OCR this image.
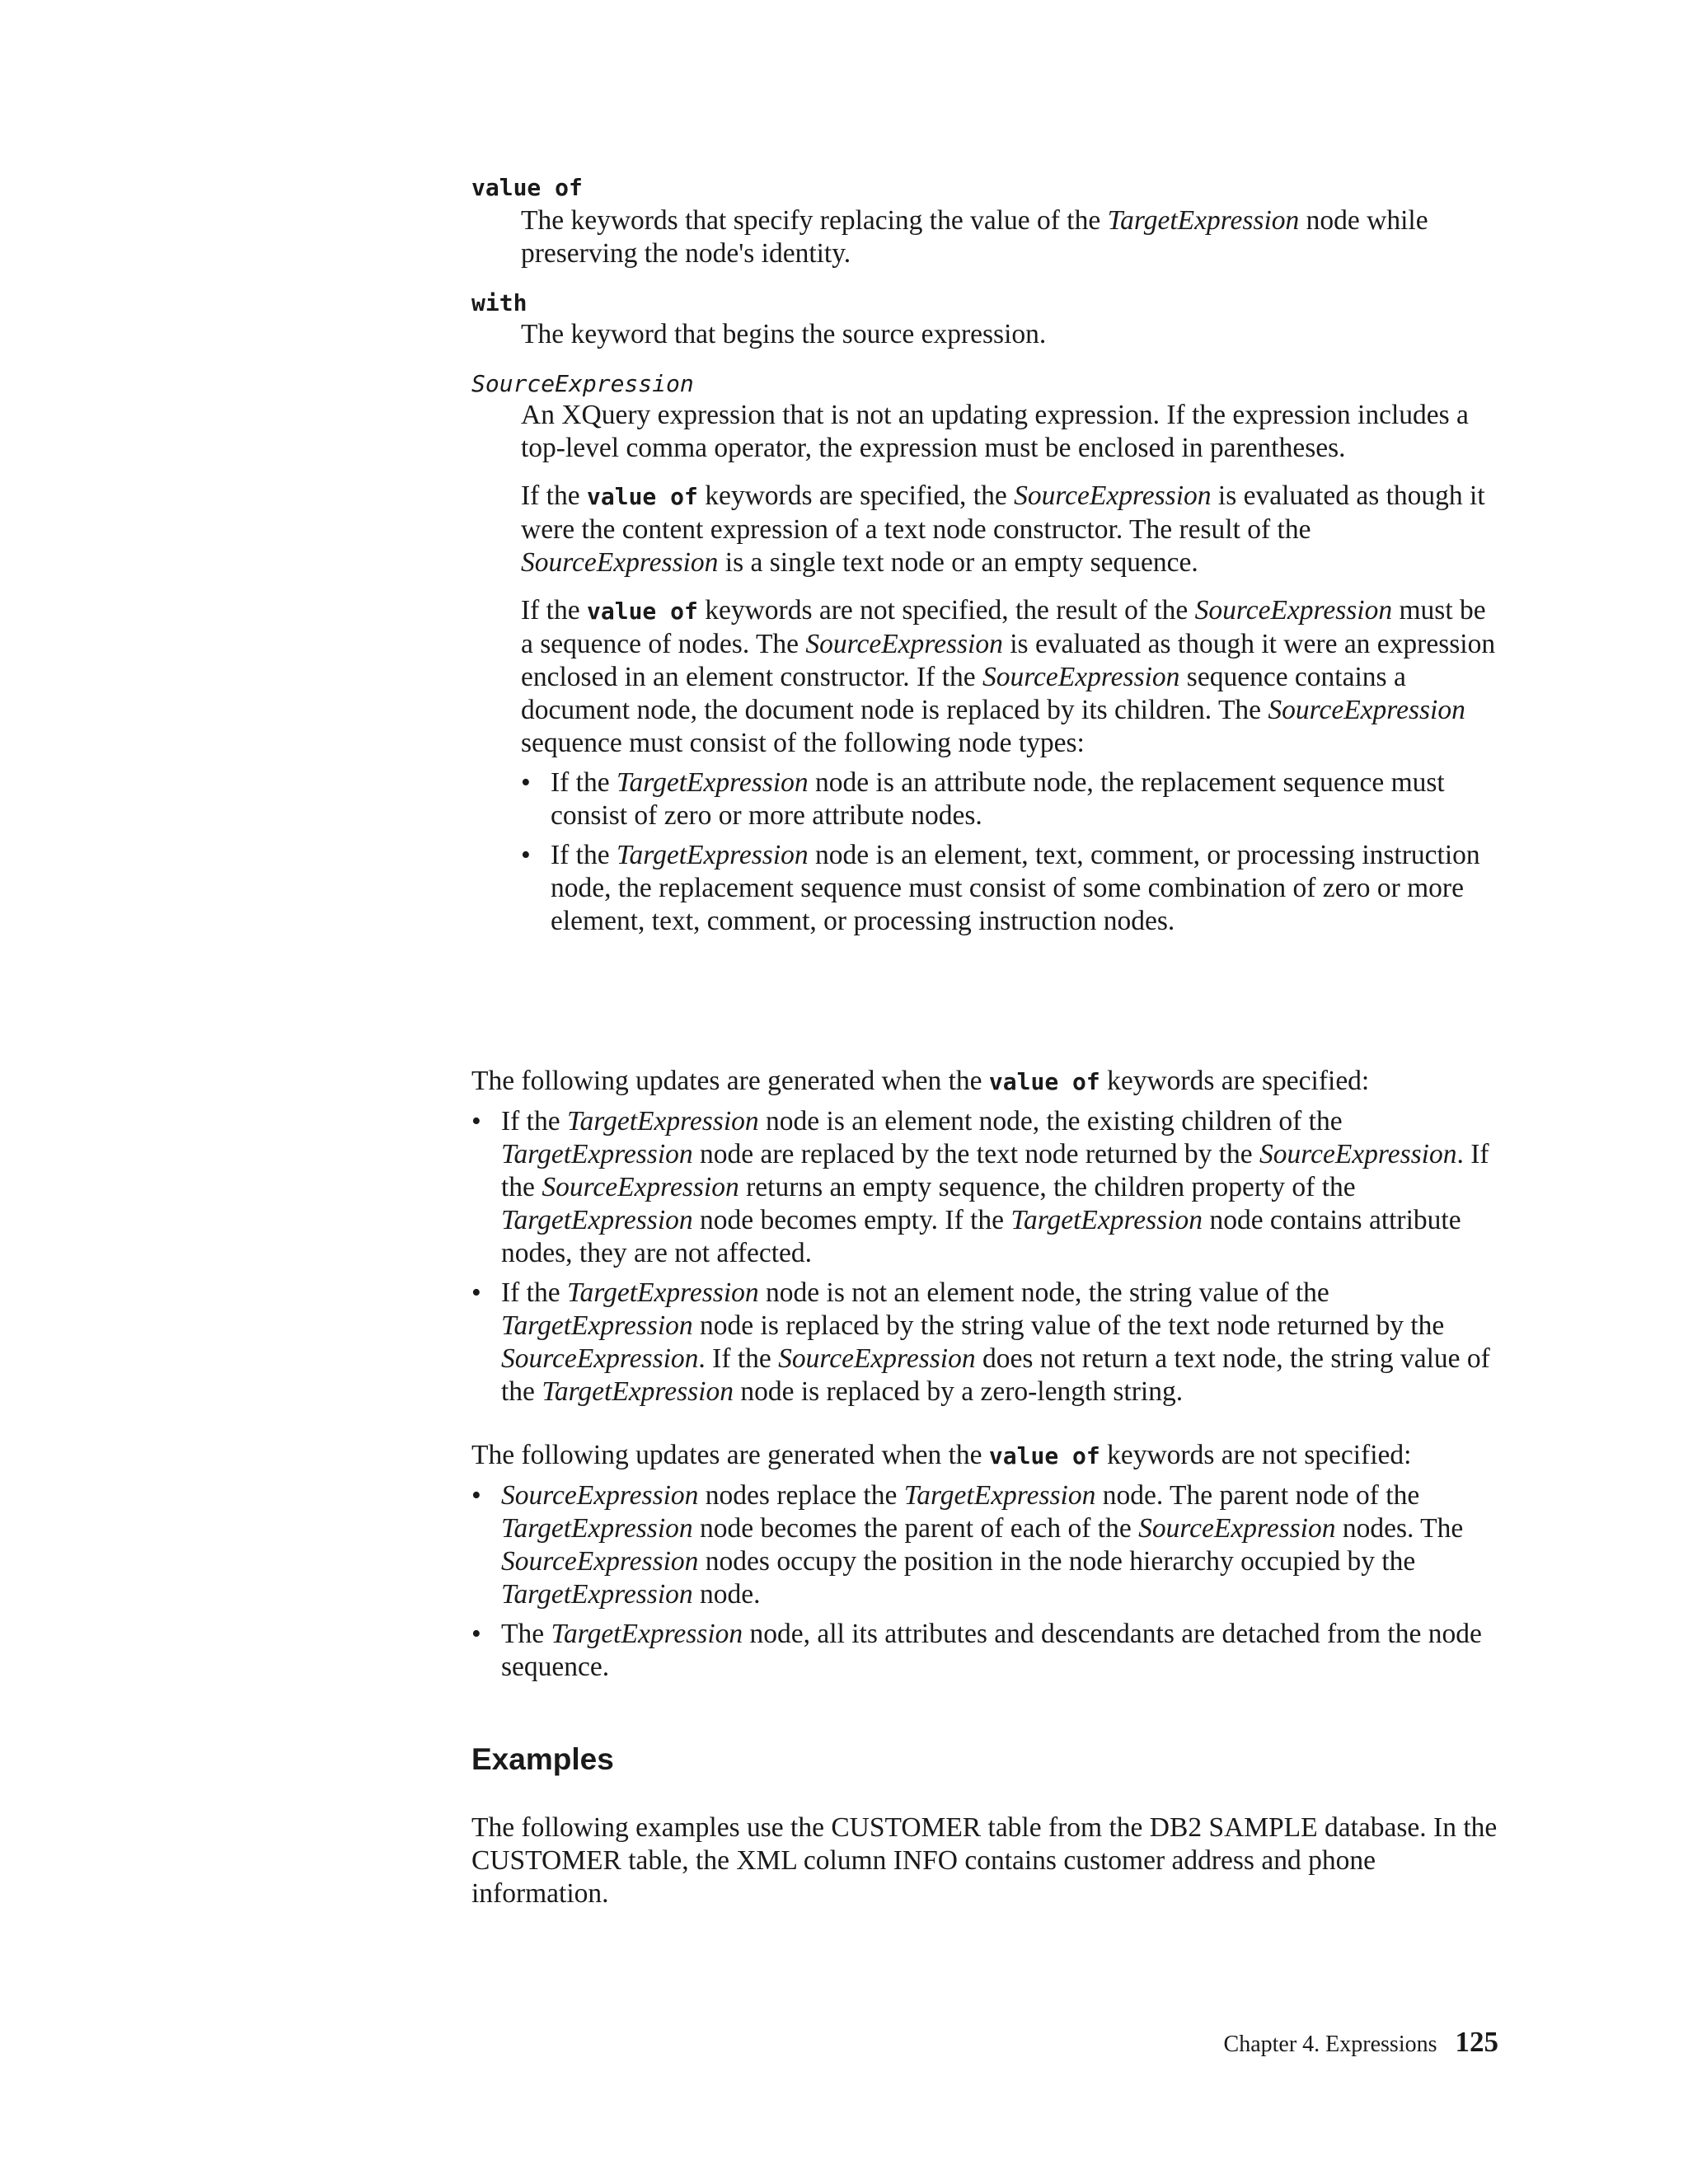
value of

The keywords that specify replacing the value of the TargetExpression node while preserving the node's identity.

with

The keyword that begins the source expression.

SourceExpression

An XQuery expression that is not an updating expression. If the expression includes a top-level comma operator, the expression must be enclosed in parentheses.

If the value of keywords are specified, the SourceExpression is evaluated as though it were the content expression of a text node constructor. The result of the SourceExpression is a single text node or an empty sequence.

If the value of keywords are not specified, the result of the SourceExpression must be a sequence of nodes. The SourceExpression is evaluated as though it were an expression enclosed in an element constructor. If the SourceExpression sequence contains a document node, the document node is replaced by its children. The SourceExpression sequence must consist of the following node types:

• If the TargetExpression node is an attribute node, the replacement sequence must consist of zero or more attribute nodes.
• If the TargetExpression node is an element, text, comment, or processing instruction node, the replacement sequence must consist of some combination of zero or more element, text, comment, or processing instruction nodes.

The following updates are generated when the value of keywords are specified:

• If the TargetExpression node is an element node, the existing children of the TargetExpression node are replaced by the text node returned by the SourceExpression. If the SourceExpression returns an empty sequence, the children property of the TargetExpression node becomes empty. If the TargetExpression node contains attribute nodes, they are not affected.
• If the TargetExpression node is not an element node, the string value of the TargetExpression node is replaced by the string value of the text node returned by the SourceExpression. If the SourceExpression does not return a text node, the string value of the TargetExpression node is replaced by a zero-length string.

The following updates are generated when the value of keywords are not specified:

• SourceExpression nodes replace the TargetExpression node. The parent node of the TargetExpression node becomes the parent of each of the SourceExpression nodes. The SourceExpression nodes occupy the position in the node hierarchy occupied by the TargetExpression node.
• The TargetExpression node, all its attributes and descendants are detached from the node sequence.
Examples

The following examples use the CUSTOMER table from the DB2 SAMPLE database. In the CUSTOMER table, the XML column INFO contains customer address and phone information.

Chapter 4. Expressions 125
